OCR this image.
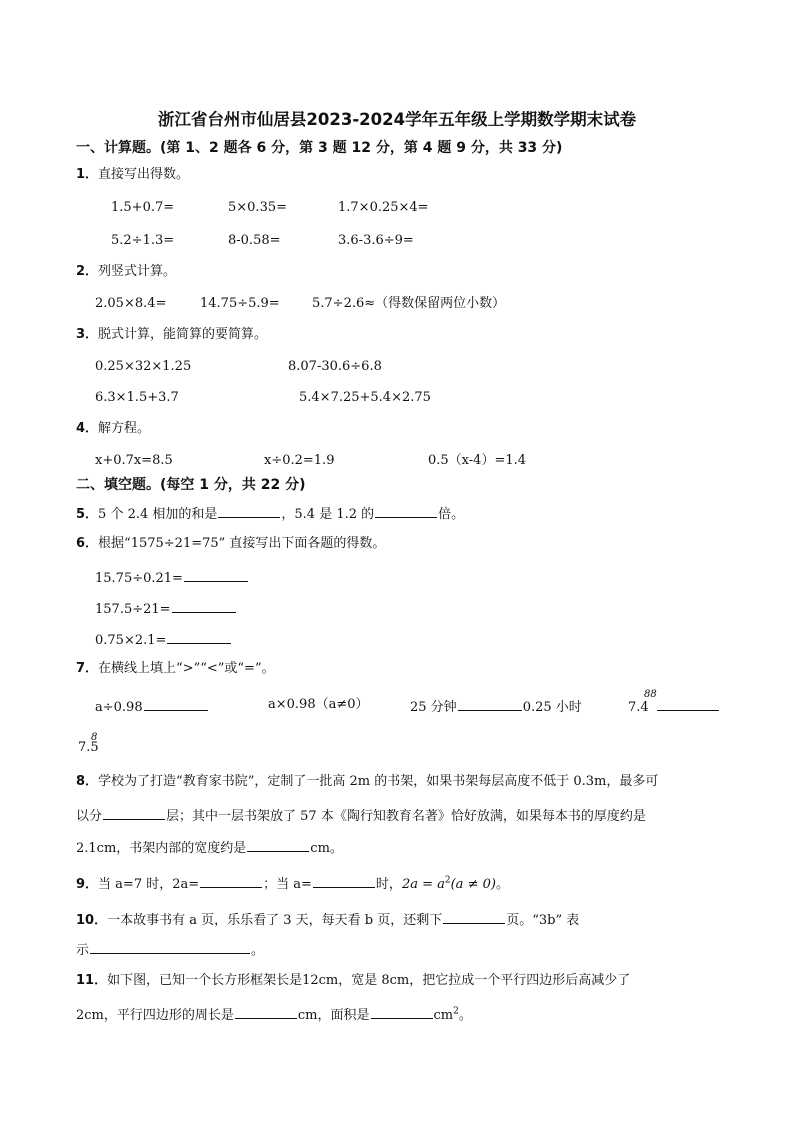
浙江省台州市仙居县2023-2024学年五年级上学期数学期末试卷
一、计算题。(第 1、2 题各 6 分，第 3 题 12 分，第 4 题 9 分，共 33 分)
1．直接写出得数。
1.5+0.7=	5×0.35=	1.7×0.25×4=
5.2÷1.3=	8-0.58=	3.6-3.6÷9=
2．列竖式计算。
2.05×8.4=	14.75÷5.9= 5.7÷2.6≈（得数保留两位小数）
3．脱式计算，能简算的要简算。
0.25×32×1.25	8.07-30.6÷6.8
6.3×1.5+3.7	5.4×7.25+5.4×2.75
4．解方程。
x+0.7x=8.5	x÷0.2=1.9	0.5（x-4）=1.4
二、填空题。(每空 1 分，共 22 分)
5．5 个 2.4 相加的和是	，5.4 是 1.2 的	倍。
6．根据“1575÷21=75” 直接写出下面各题的得数。
15.75÷0.21=
157.5÷21=
0.75×2.1=
7．在横线上填上“>”“<”或“=”。
a÷0.98	a×0.98（a≠0）	25 分钟	0.25 小时	7.4
88
7.5
8
8．学校为了打造“教育家书院”，定制了一批高 2m 的书架，如果书架每层高度不低于 0.3m，最多可
以分	层；其中一层书架放了 57 本《陶行知教育名著》恰好放满，如果每本书的厚度约是
2.1cm，书架内部的宽度约是	cm。
9．当 a=7 时，2a=	；当 a=	时，$2a = a^2(a \ne 0)$。
10．一本故事书有 a 页，乐乐看了 3 天，每天看 b 页，还剩下	页。“3b” 表
示	。
11．如下图，已知一个长方形框架长是12cm，宽是 8cm，把它拉成一个平行四边形后高减少了
2cm，平行四边形的周长是	cm，面积是	$cm^2$。
